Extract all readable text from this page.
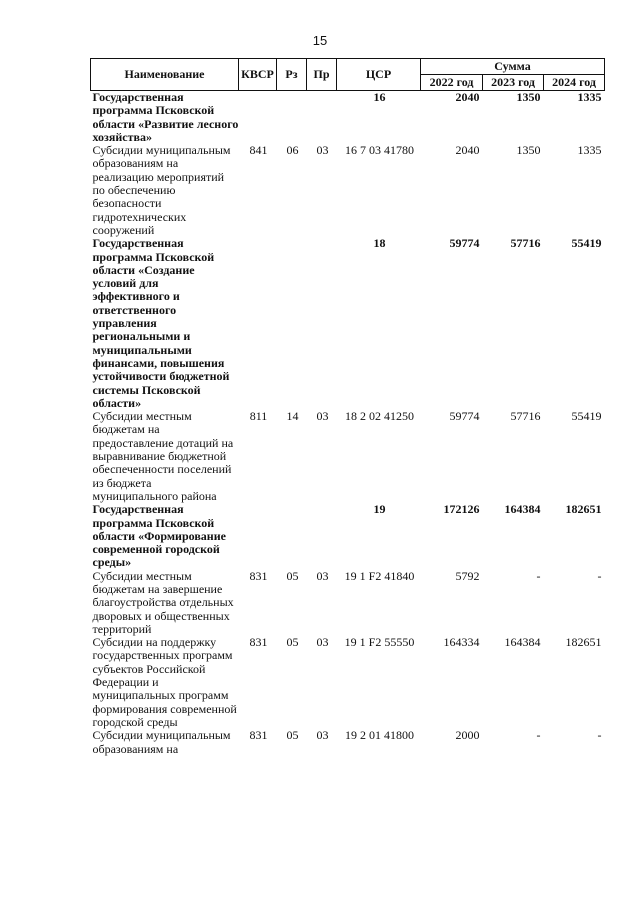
15
Наименование	КВСР	Рз	Пр	ЦСР	Сумма		
					2022 год	2023 год	2024 год
Государственная программа Псковской области «Развитие лесного хозяйства»				16	2040	1350	1335
Субсидии муниципальным образованиям на реализацию мероприятий по обеспечению безопасности гидротехнических сооружений	841	06	03	16 7 03 41780	2040	1350	1335
Государственная программа Псковской области «Создание условий для эффективного и ответственного управления региональными и муниципальными финансами, повышения устойчивости бюджетной системы Псковской области»				18	59774	57716	55419
Субсидии местным бюджетам на предоставление дотаций на выравнивание бюджетной обеспеченности поселений из бюджета муниципального района	811	14	03	18 2 02 41250	59774	57716	55419
Государственная программа Псковской области «Формирование современной городской среды»				19	172126	164384	182651
Субсидии местным бюджетам на завершение благоустройства отдельных дворовых и общественных территорий	831	05	03	19 1 F2 41840	5792	-	-
Субсидии на поддержку государственных программ субъектов Российской Федерации и муниципальных программ формирования современной городской среды	831	05	03	19 1 F2 55550	164334	164384	182651
Субсидии муниципальным образованиям на	831	05	03	19 2 01 41800	2000	-	-
